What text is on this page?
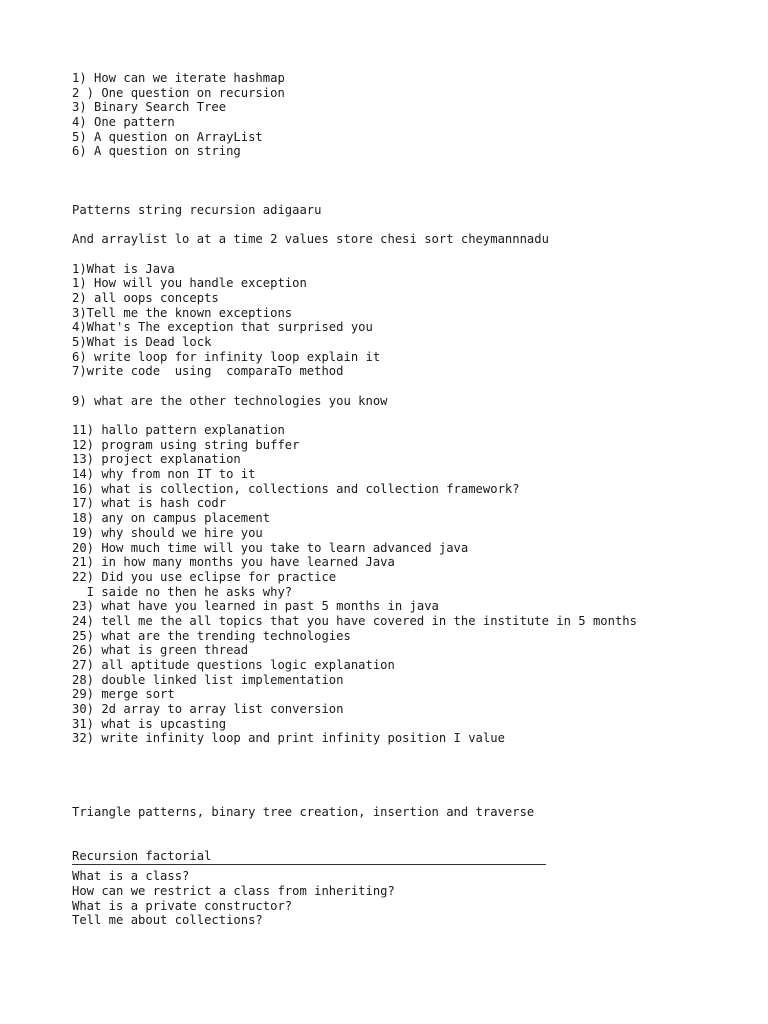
1) How can we iterate hashmap
2 ) One question on recursion
3) Binary Search Tree
4) One pattern
5) A question on ArrayList
6) A question on string
Patterns string recursion adigaaru
And arraylist lo at a time 2 values store chesi sort cheymannnadu
1)What is Java
1) How will you handle exception
2) all oops concepts
3)Tell me the known exceptions
4)What's The exception that surprised you
5)What is Dead lock
6) write loop for infinity loop explain it
7)write code  using  comparaTo method
9) what are the other technologies you know
11) hallo pattern explanation
12) program using string buffer
13) project explanation
14) why from non IT to it
16) what is collection, collections and collection framework?
17) what is hash codr
18) any on campus placement
19) why should we hire you
20) How much time will you take to learn advanced java
21) in how many months you have learned Java
22) Did you use eclipse for practice
I saide no then he asks why?
23) what have you learned in past 5 months in java
24) tell me the all topics that you have covered in the institute in 5 months
25) what are the trending technologies
26) what is green thread
27) all aptitude questions logic explanation
28) double linked list implementation
29) merge sort
30) 2d array to array list conversion
31) what is upcasting
32) write infinity loop and print infinity position I value
Triangle patterns, binary tree creation, insertion and traverse
Recursion factorial
What is a class?
How can we restrict a class from inheriting?
What is a private constructor?
Tell me about collections?
